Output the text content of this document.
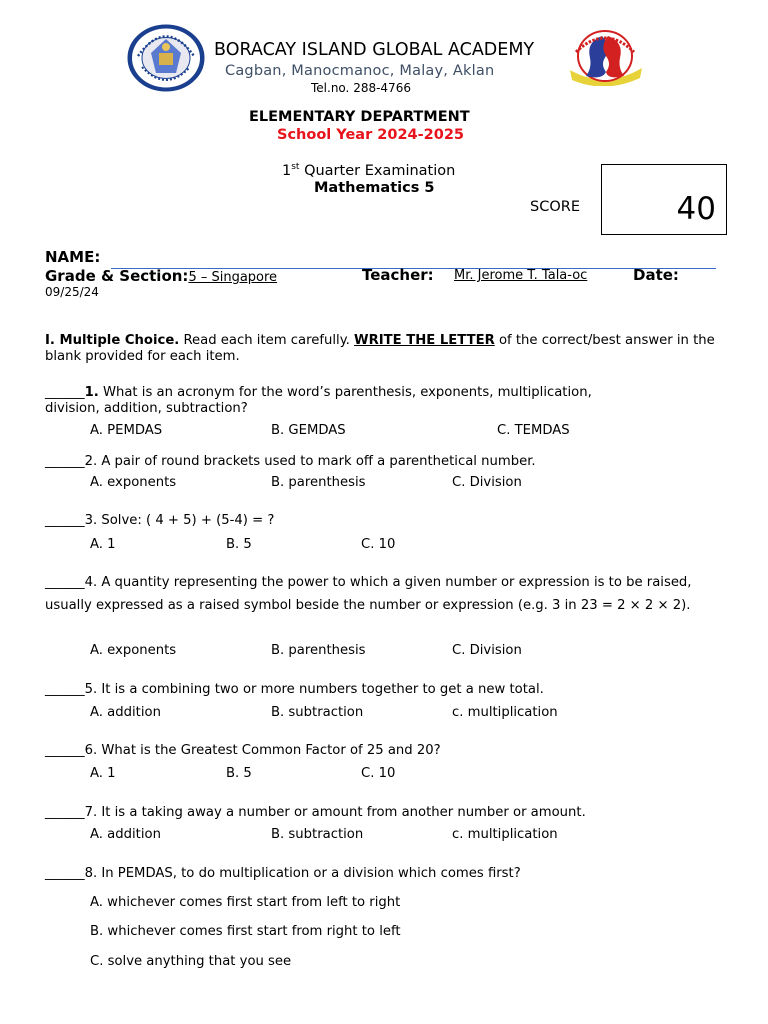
BORACAY ISLAND GLOBAL ACADEMY
Cagban, Manocmanoc, Malay, Aklan
Tel.no. 288-4766
ELEMENTARY DEPARTMENT
School Year 2024-2025
1st Quarter Examination
Mathematics 5
SCORE	40
NAME:
Grade & Section:5 – Singapore	Teacher: Mr. Jerome T. Tala-oc	Date:
09/25/24
I. Multiple Choice. Read each item carefully. WRITE THE LETTER of the correct/best answer in the blank provided for each item.
______1. What is an acronym for the word’s parenthesis, exponents, multiplication,
division, addition, subtraction?
A. PEMDAS	B. GEMDAS	C. TEMDAS
______2. A pair of round brackets used to mark off a parenthetical number.
A. exponents	B. parenthesis	C. Division
______3. Solve: ( 4 + 5) + (5-4) = ?
A. 1	B. 5	C. 10
______4. A quantity representing the power to which a given number or expression is to be raised, usually expressed as a raised symbol beside the number or expression (e.g. 3 in 23 = 2 × 2 × 2).
A. exponents	B. parenthesis	C. Division
______5. It is a combining two or more numbers together to get a new total.
A. addition	B. subtraction	c. multiplication
______6. What is the Greatest Common Factor of 25 and 20?
A. 1	B. 5	C. 10
______7. It is a taking away a number or amount from another number or amount.
A. addition	B. subtraction	c. multiplication
______8. In PEMDAS, to do multiplication or a division which comes first?
A. whichever comes first start from left to right
B. whichever comes first start from right to left
C. solve anything that you see
